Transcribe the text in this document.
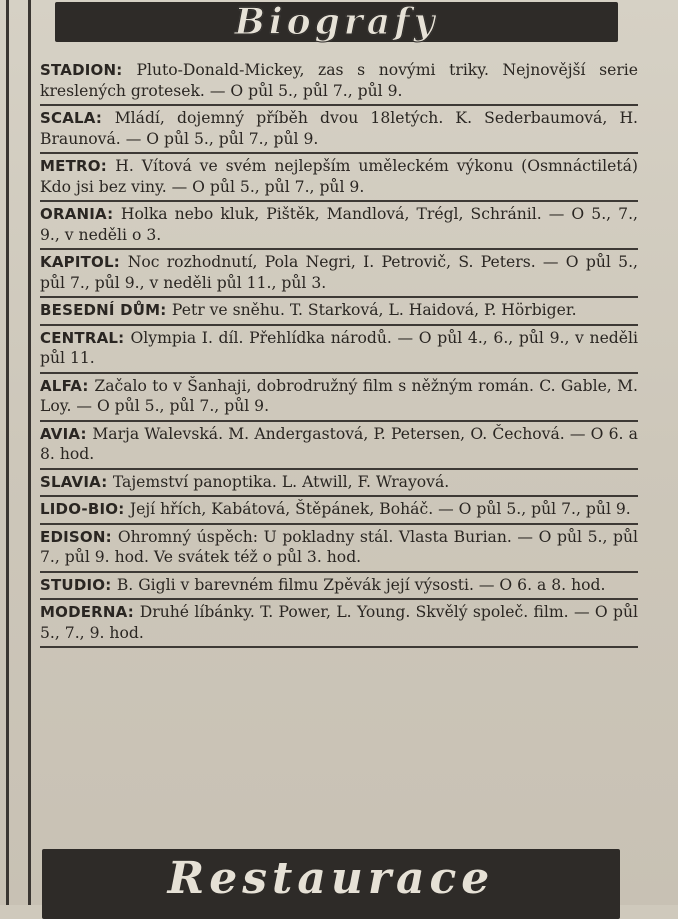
Biografy
STADION: Pluto-Donald-Mickey, zas s novými triky. Nejnovější serie kreslených grotesek. — O půl 5., půl 7., půl 9.
SCALA: Mládí, dojemný příběh dvou 18letých. K. Sederbaumová, H. Braunová. — O půl 5., půl 7., půl 9.
METRO: H. Vítová ve svém nejlepším uměleckém výkonu (Osmnáctiletá) Kdo jsi bez viny. — O půl 5., půl 7., půl 9.
ORANIA: Holka nebo kluk, Pištěk, Mandlová, Trégl, Schránil. — O 5., 7., 9., v neděli o 3.
KAPITOL: Noc rozhodnutí, Pola Negri, I. Petrovič, S. Peters. — O půl 5., půl 7., půl 9., v neděli půl 11., půl 3.
BESEDNÍ DŮM: Petr ve sněhu. T. Starková, L. Haidová, P. Hörbiger.
CENTRAL: Olympia I. díl. Přehlídka národů. — O půl 4., 6., půl 9., v neděli půl 11.
ALFA: Začalo to v Šanhaji, dobrodružný film s něžným román. C. Gable, M. Loy. — O půl 5., půl 7., půl 9.
AVIA: Marja Walevská. M. Andergastová, P. Petersen, O. Čechová. — O 6. a 8. hod.
SLAVIA: Tajemství panoptika. L. Atwill, F. Wrayová.
LIDO-BIO: Její hřích, Kabátová, Štěpánek, Boháč. — O půl 5., půl 7., půl 9.
EDISON: Ohromný úspěch: U pokladny stál. Vlasta Burian. — O půl 5., půl 7., půl 9. hod. Ve svátek též o půl 3. hod.
STUDIO: B. Gigli v barevném filmu Zpěvák její výsosti. — O 6. a 8. hod.
MODERNA: Druhé líbánky. T. Power, L. Young. Skvělý společ. film. — O půl 5., 7., 9. hod.
Restaurace
